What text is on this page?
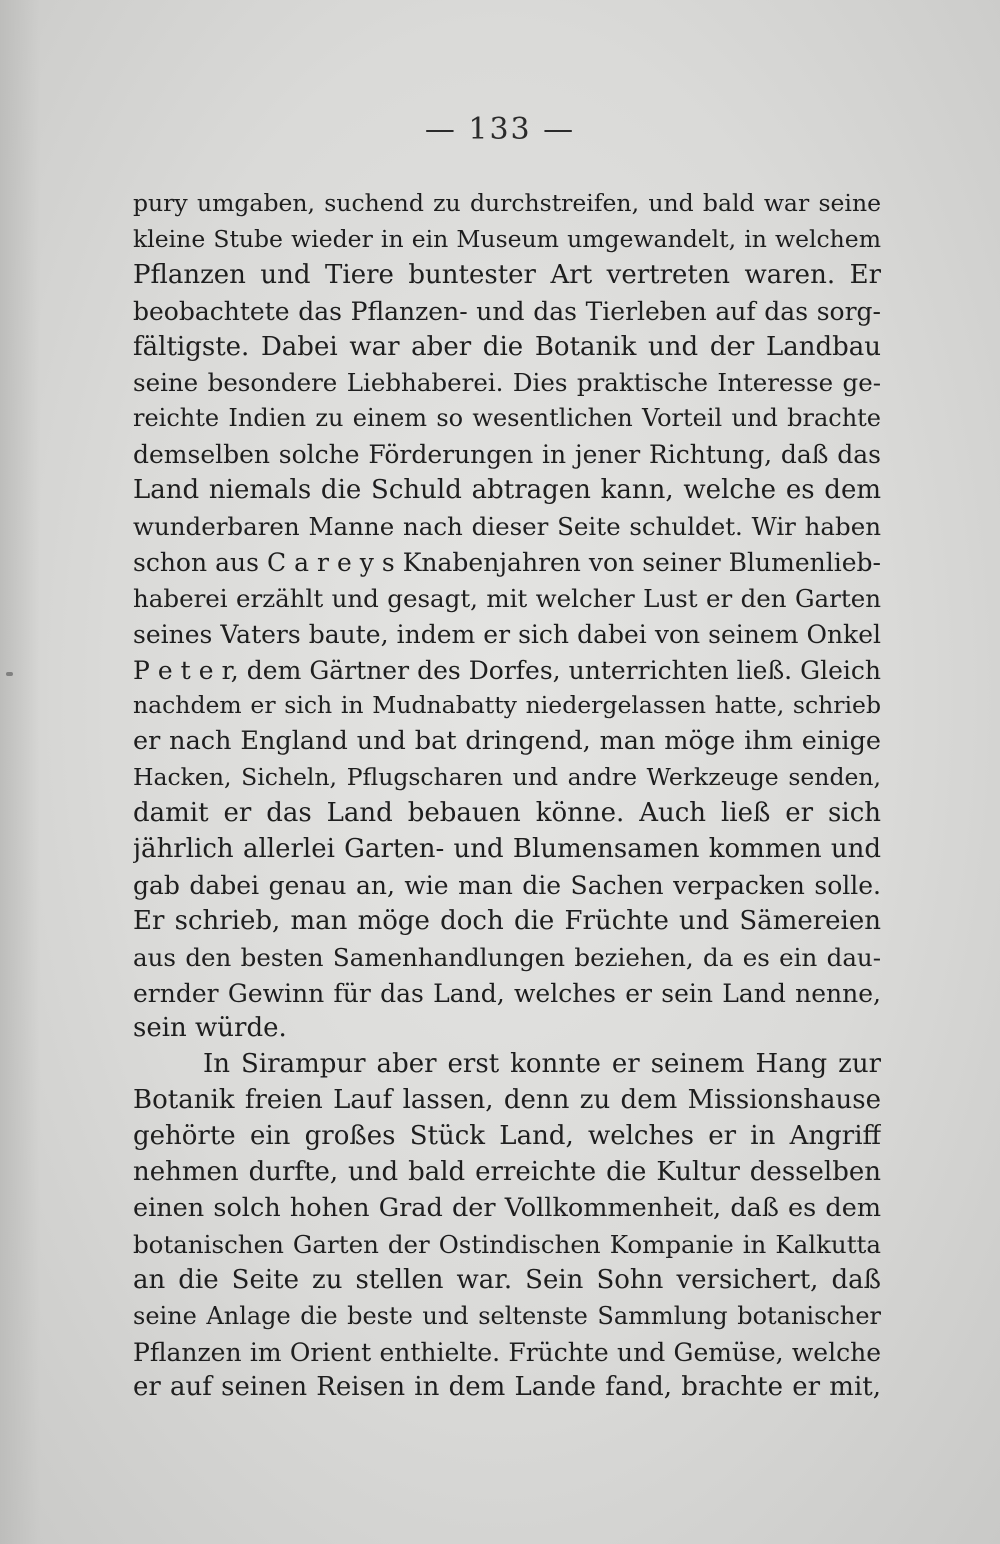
— 133 —
pury umgaben, suchend zu durchstreifen, und bald war seine
kleine Stube wieder in ein Museum umgewandelt, in welchem
Pflanzen und Tiere buntester Art vertreten waren. Er
beobachtete das Pflanzen- und das Tierleben auf das sorg-
fältigste. Dabei war aber die Botanik und der Landbau
seine besondere Liebhaberei. Dies praktische Interesse ge-
reichte Indien zu einem so wesentlichen Vorteil und brachte
demselben solche Förderungen in jener Richtung, daß das
Land niemals die Schuld abtragen kann, welche es dem
wunderbaren Manne nach dieser Seite schuldet. Wir haben
schon aus C a r e y s Knabenjahren von seiner Blumenlieb-
haberei erzählt und gesagt, mit welcher Lust er den Garten
seines Vaters baute, indem er sich dabei von seinem Onkel
P e t e r, dem Gärtner des Dorfes, unterrichten ließ. Gleich
nachdem er sich in Mudnabatty niedergelassen hatte, schrieb
er nach England und bat dringend, man möge ihm einige
Hacken, Sicheln, Pflugscharen und andre Werkzeuge senden,
damit er das Land bebauen könne. Auch ließ er sich
jährlich allerlei Garten- und Blumensamen kommen und
gab dabei genau an, wie man die Sachen verpacken solle.
Er schrieb, man möge doch die Früchte und Sämereien
aus den besten Samenhandlungen beziehen, da es ein dau-
ernder Gewinn für das Land, welches er sein Land nenne,
sein würde.
In Sirampur aber erst konnte er seinem Hang zur
Botanik freien Lauf lassen, denn zu dem Missionshause
gehörte ein großes Stück Land, welches er in Angriff
nehmen durfte, und bald erreichte die Kultur desselben
einen solch hohen Grad der Vollkommenheit, daß es dem
botanischen Garten der Ostindischen Kompanie in Kalkutta
an die Seite zu stellen war. Sein Sohn versichert, daß
seine Anlage die beste und seltenste Sammlung botanischer
Pflanzen im Orient enthielte. Früchte und Gemüse, welche
er auf seinen Reisen in dem Lande fand, brachte er mit,
